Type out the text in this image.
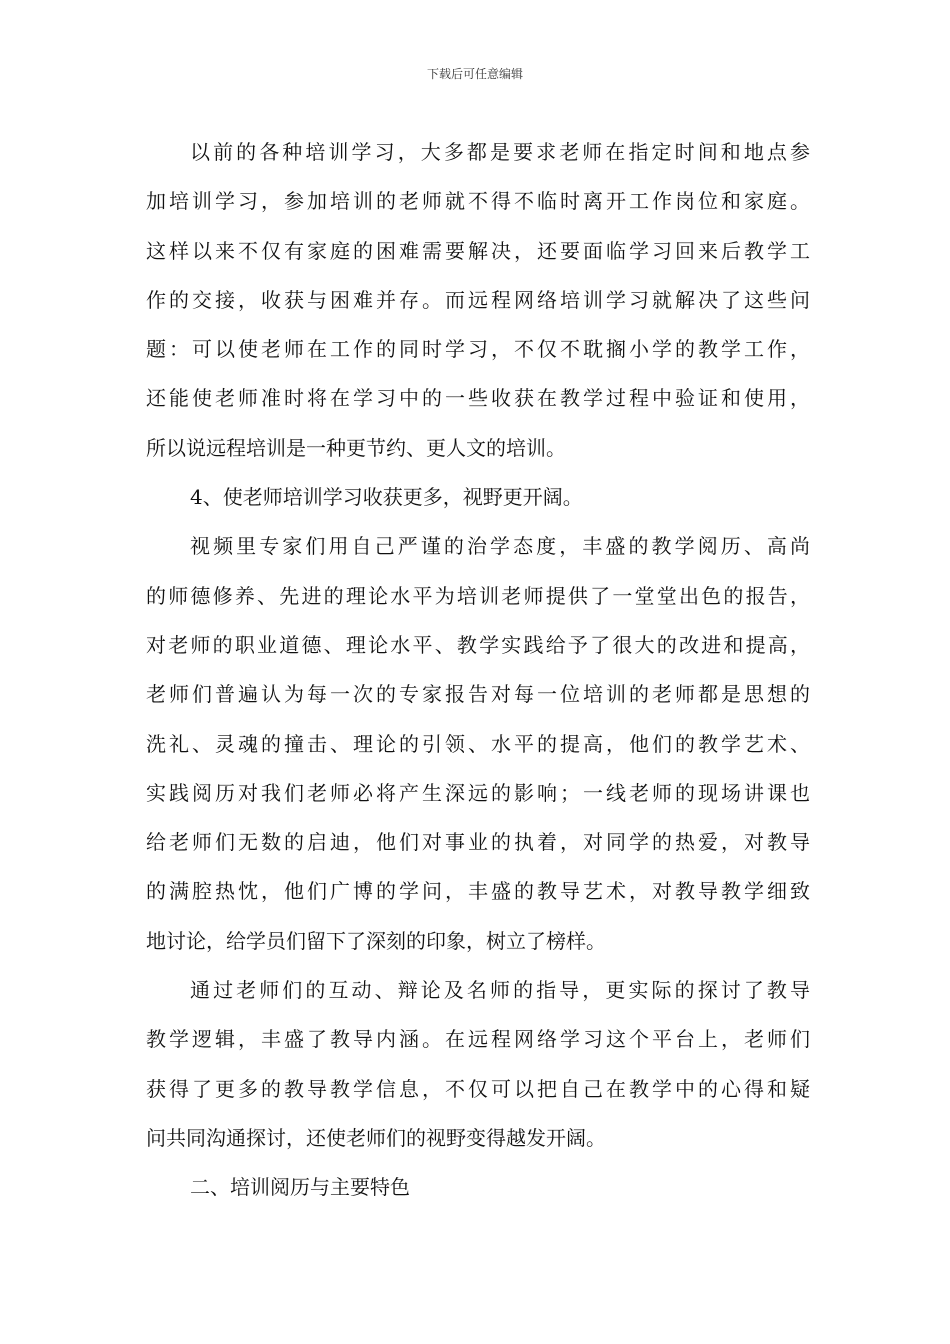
下载后可任意编辑
以前的各种培训学习，大多都是要求老师在指定时间和地点参
加培训学习，参加培训的老师就不得不临时离开工作岗位和家庭。
这样以来不仅有家庭的困难需要解决，还要面临学习回来后教学工
作的交接，收获与困难并存。而远程网络培训学习就解决了这些问
题：可以使老师在工作的同时学习，不仅不耽搁小学的教学工作，
还能使老师准时将在学习中的一些收获在教学过程中验证和使用，
所以说远程培训是一种更节约、更人文的培训。
4、使老师培训学习收获更多，视野更开阔。
视频里专家们用自己严谨的治学态度，丰盛的教学阅历、高尚
的师德修养、先进的理论水平为培训老师提供了一堂堂出色的报告，
对老师的职业道德、理论水平、教学实践给予了很大的改进和提高，
老师们普遍认为每一次的专家报告对每一位培训的老师都是思想的
洗礼、灵魂的撞击、理论的引领、水平的提高，他们的教学艺术、
实践阅历对我们老师必将产生深远的影响；一线老师的现场讲课也
给老师们无数的启迪，他们对事业的执着，对同学的热爱，对教导
的满腔热忱，他们广博的学问，丰盛的教导艺术，对教导教学细致
地讨论，给学员们留下了深刻的印象，树立了榜样。
通过老师们的互动、辩论及名师的指导，更实际的探讨了教导
教学逻辑，丰盛了教导内涵。在远程网络学习这个平台上，老师们
获得了更多的教导教学信息，不仅可以把自己在教学中的心得和疑
问共同沟通探讨，还使老师们的视野变得越发开阔。
二、培训阅历与主要特色
